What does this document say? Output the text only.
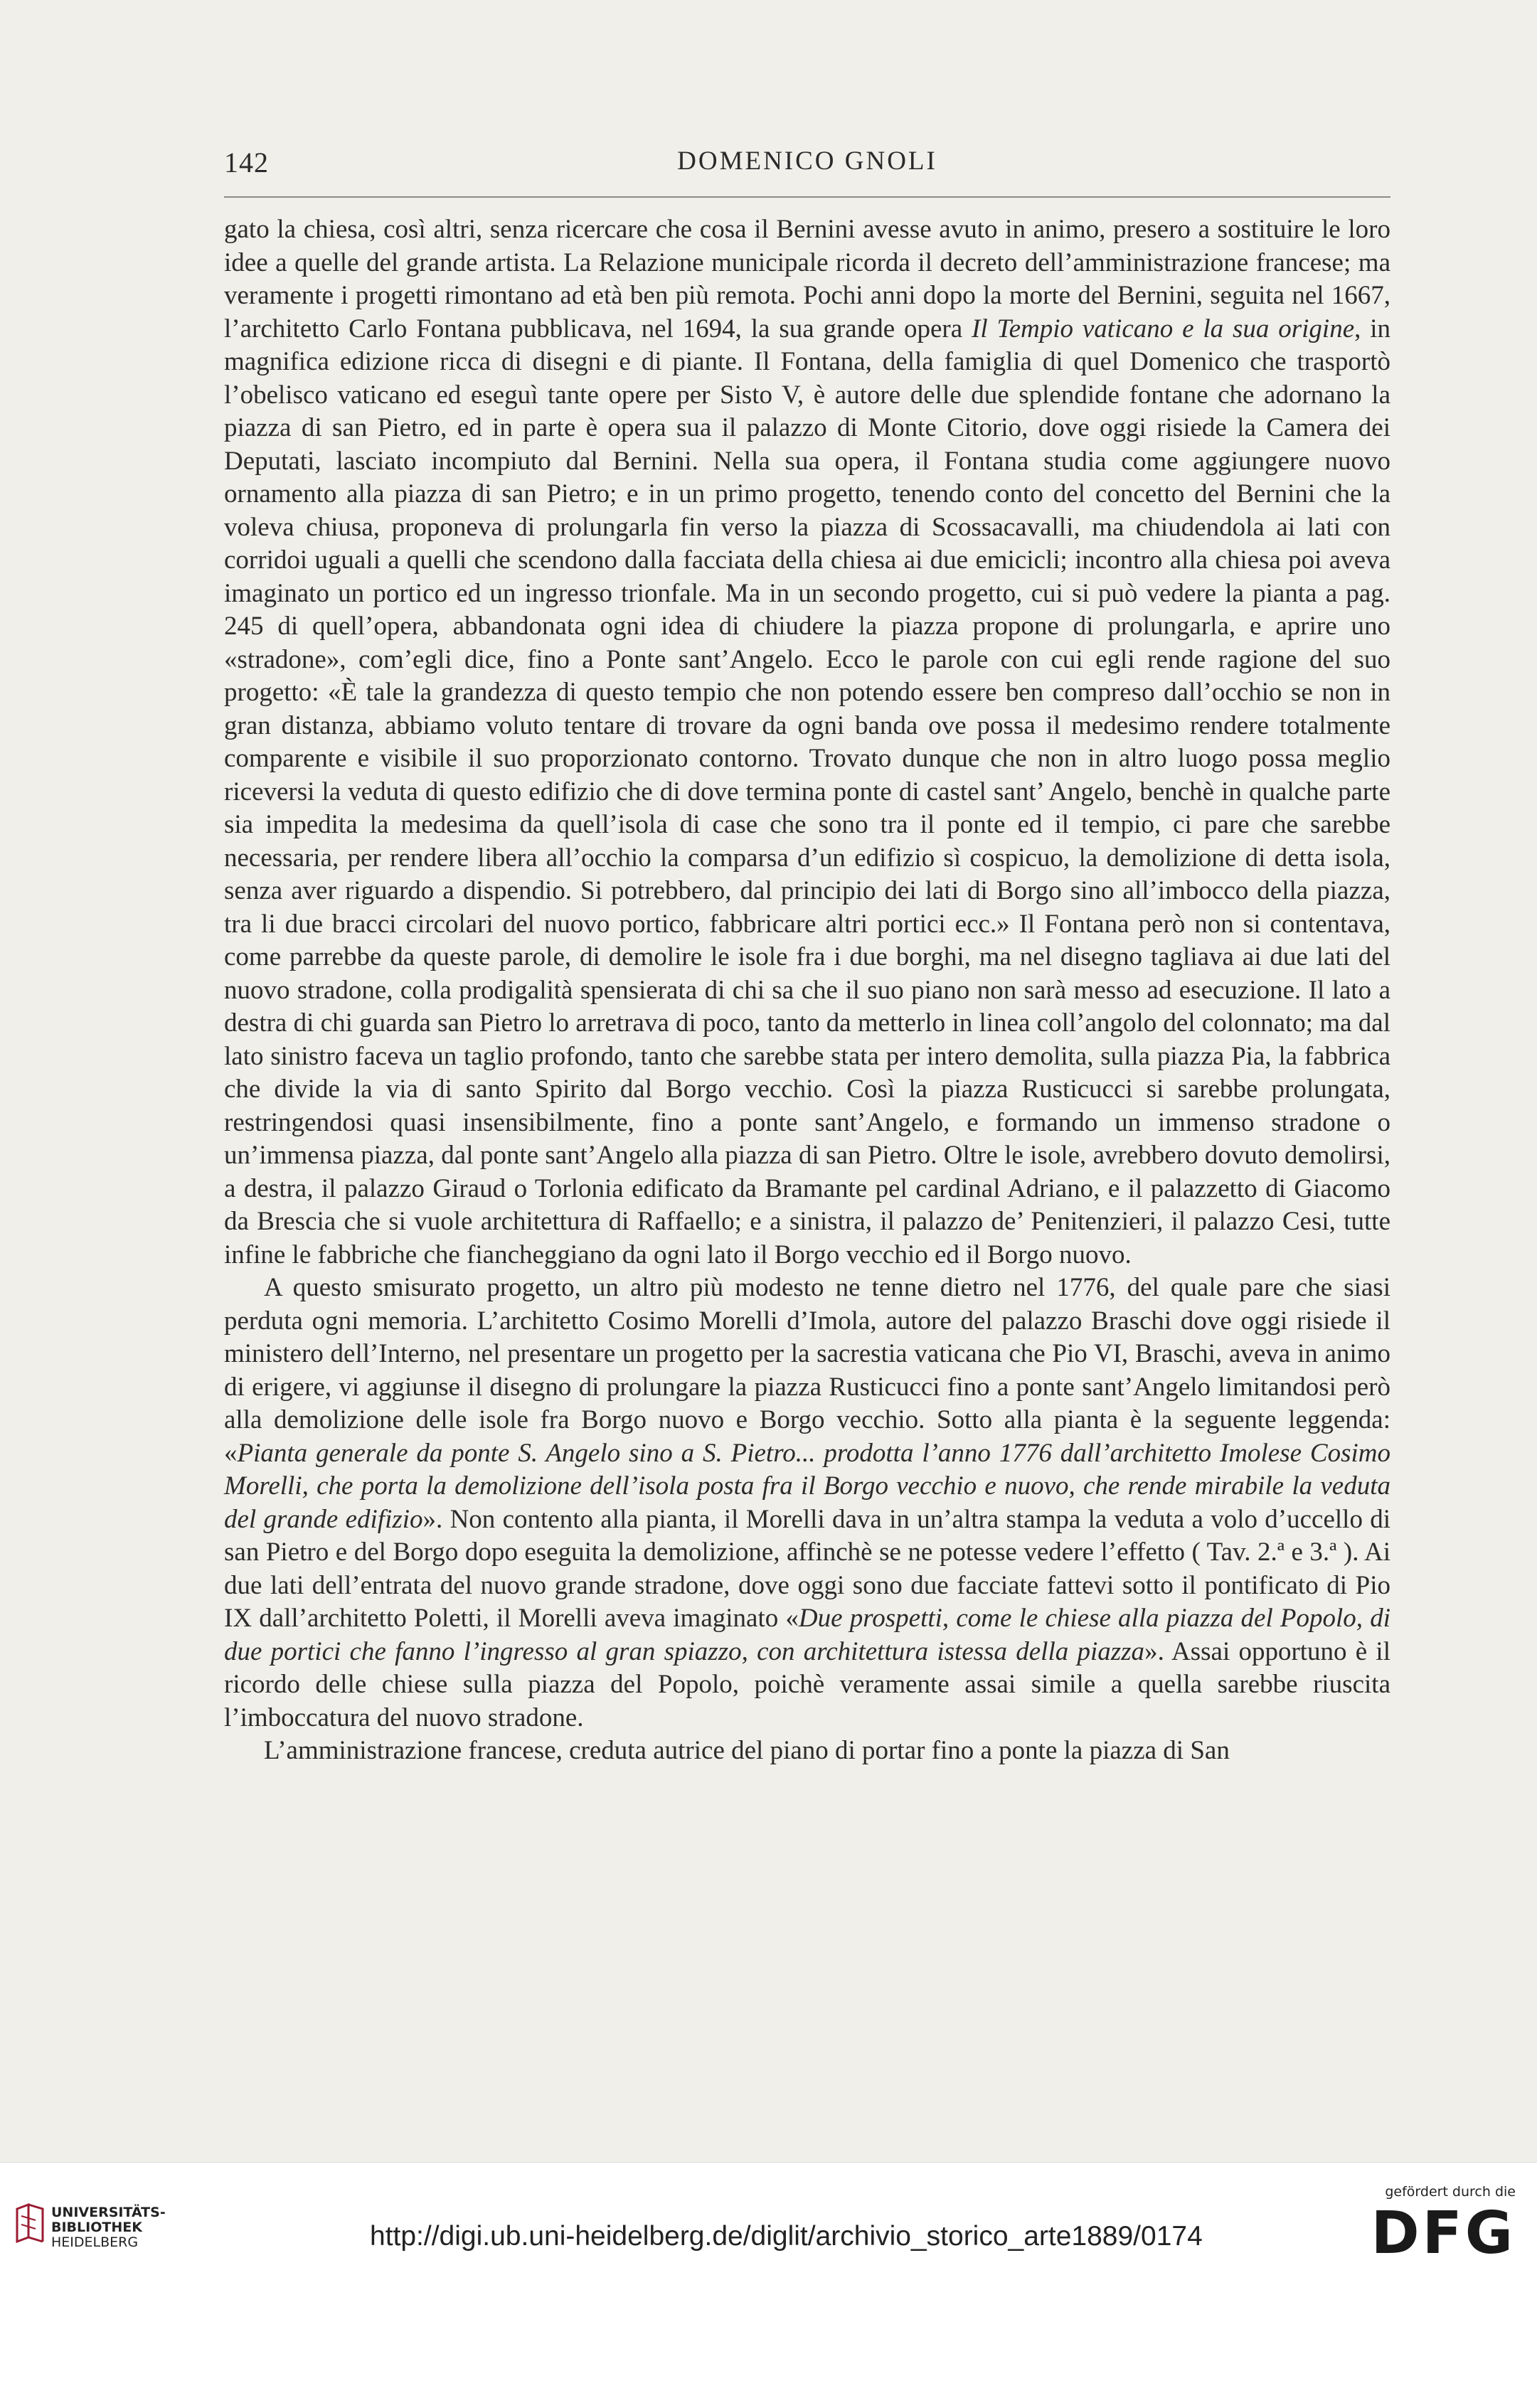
142	DOMENICO GNOLI

gato la chiesa, così altri, senza ricercare che cosa il Bernini avesse avuto in animo, presero a sostituire le loro idee a quelle del grande artista. La Relazione municipale ricorda il decreto dell’amministrazione francese; ma veramente i progetti rimontano ad età ben più remota. Pochi anni dopo la morte del Bernini, seguita nel 1667, l’architetto Carlo Fontana pubblicava, nel 1694, la sua grande opera Il Tempio vaticano e la sua origine, in magnifica edizione ricca di disegni e di piante. Il Fontana, della famiglia di quel Domenico che trasportò l’obelisco vaticano ed eseguì tante opere per Sisto V, è autore delle due splendide fontane che adornano la piazza di san Pietro, ed in parte è opera sua il palazzo di Monte Citorio, dove oggi risiede la Camera dei Deputati, lasciato incompiuto dal Bernini. Nella sua opera, il Fontana studia come aggiungere nuovo ornamento alla piazza di san Pietro; e in un primo progetto, tenendo conto del concetto del Bernini che la voleva chiusa, proponeva di prolungarla fin verso la piazza di Scossacavalli, ma chiudendola ai lati con corridoi uguali a quelli che scendono dalla facciata della chiesa ai due emicicli; incontro alla chiesa poi aveva imaginato un portico ed un ingresso trionfale. Ma in un secondo progetto, cui si può vedere la pianta a pag. 245 di quell’opera, abbandonata ogni idea di chiudere la piazza propone di prolungarla, e aprire uno «stradone», com’egli dice, fino a Ponte sant’Angelo. Ecco le parole con cui egli rende ragione del suo progetto: «È tale la grandezza di questo tempio che non potendo essere ben compreso dall’occhio se non in gran distanza, abbiamo voluto tentare di trovare da ogni banda ove possa il medesimo rendere totalmente comparente e visibile il suo proporzionato contorno. Trovato dunque che non in altro luogo possa meglio riceversi la veduta di questo edifizio che di dove termina ponte di castel sant’ Angelo, benchè in qualche parte sia impedita la medesima da quell’isola di case che sono tra il ponte ed il tempio, ci pare che sarebbe necessaria, per rendere libera all’occhio la comparsa d’un edifizio sì cospicuo, la demolizione di detta isola, senza aver riguardo a dispendio. Si potrebbero, dal principio dei lati di Borgo sino all’imbocco della piazza, tra li due bracci circolari del nuovo portico, fabbricare altri portici ecc.» Il Fontana però non si contentava, come parrebbe da queste parole, di demolire le isole fra i due borghi, ma nel disegno tagliava ai due lati del nuovo stradone, colla prodigalità spensierata di chi sa che il suo piano non sarà messo ad esecuzione. Il lato a destra di chi guarda san Pietro lo arretrava di poco, tanto da metterlo in linea coll’angolo del colonnato; ma dal lato sinistro faceva un taglio profondo, tanto che sarebbe stata per intero demolita, sulla piazza Pia, la fabbrica che divide la via di santo Spirito dal Borgo vecchio. Così la piazza Rusticucci si sarebbe prolungata, restringendosi quasi insensibilmente, fino a ponte sant’Angelo, e formando un immenso stradone o un’immensa piazza, dal ponte sant’Angelo alla piazza di san Pietro. Oltre le isole, avrebbero dovuto demolirsi, a destra, il palazzo Giraud o Torlonia edificato da Bramante pel cardinal Adriano, e il palazzetto di Giacomo da Brescia che si vuole architettura di Raffaello; e a sinistra, il palazzo de’ Penitenzieri, il palazzo Cesi, tutte infine le fabbriche che fiancheggiano da ogni lato il Borgo vecchio ed il Borgo nuovo.

A questo smisurato progetto, un altro più modesto ne tenne dietro nel 1776, del quale pare che siasi perduta ogni memoria. L’architetto Cosimo Morelli d’Imola, autore del palazzo Braschi dove oggi risiede il ministero dell’Interno, nel presentare un progetto per la sacrestia vaticana che Pio VI, Braschi, aveva in animo di erigere, vi aggiunse il disegno di prolungare la piazza Rusticucci fino a ponte sant’Angelo limitandosi però alla demolizione delle isole fra Borgo nuovo e Borgo vecchio. Sotto alla pianta è la seguente leggenda: «Pianta generale da ponte S. Angelo sino a S. Pietro... prodotta l’anno 1776 dall’architetto Imolese Cosimo Morelli, che porta la demolizione dell’isola posta fra il Borgo vecchio e nuovo, che rende mirabile la veduta del grande edifizio». Non contento alla pianta, il Morelli dava in un’altra stampa la veduta a volo d’uccello di san Pietro e del Borgo dopo eseguita la demolizione, affinchè se ne potesse vedere l’effetto ( Tav. 2.ª e 3.ª ). Ai due lati dell’entrata del nuovo grande stradone, dove oggi sono due facciate fattevi sotto il pontificato di Pio IX dall’architetto Poletti, il Morelli aveva imaginato «Due prospetti, come le chiese alla piazza del Popolo, di due portici che fanno l’ingresso al gran spiazzo, con architettura istessa della piazza». Assai opportuno è il ricordo delle chiese sulla piazza del Popolo, poichè veramente assai simile a quella sarebbe riuscita l’imboccatura del nuovo stradone.

L’amministrazione francese, creduta autrice del piano di portar fino a ponte la piazza di San

UNIVERSITÄTS-
BIBLIOTHEK
HEIDELBERG	http://digi.ub.uni-heidelberg.de/diglit/archivio_storico_arte1889/0174
gefördert durch die
DFG
